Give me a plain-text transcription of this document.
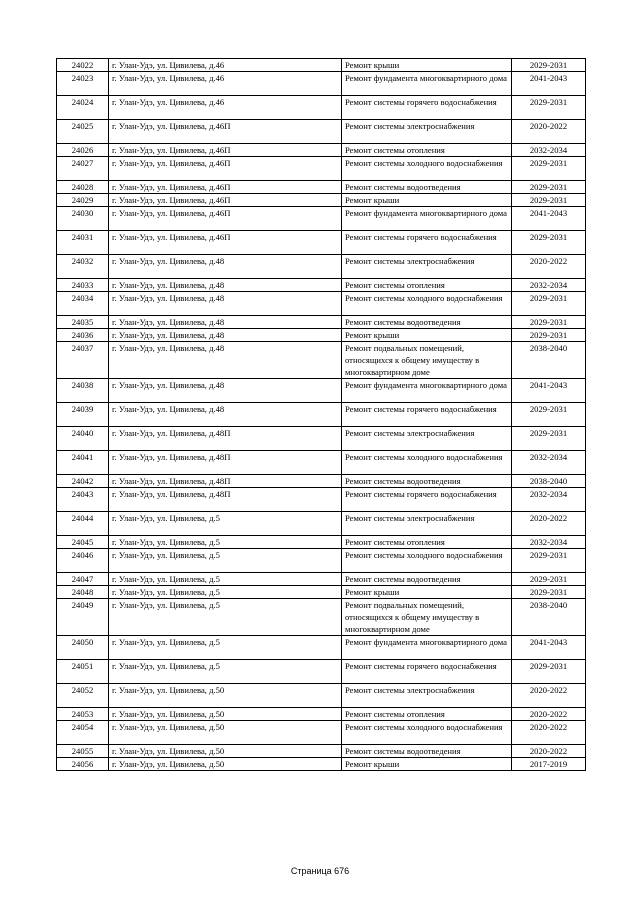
24022	г. Улан-Удэ, ул. Цивилева, д.46	Ремонт крыши	2029-2031
24023	г. Улан-Удэ, ул. Цивилева, д.46	Ремонт фундамента многоквартирного дома	2041-2043
24024	г. Улан-Удэ, ул. Цивилева, д.46	Ремонт системы горячего водоснабжения	2029-2031
24025	г. Улан-Удэ, ул. Цивилева, д.46П	Ремонт системы электроснабжения	2020-2022
24026	г. Улан-Удэ, ул. Цивилева, д.46П	Ремонт системы отопления	2032-2034
24027	г. Улан-Удэ, ул. Цивилева, д.46П	Ремонт системы холодного водоснабжения	2029-2031
24028	г. Улан-Удэ, ул. Цивилева, д.46П	Ремонт системы водоотведения	2029-2031
24029	г. Улан-Удэ, ул. Цивилева, д.46П	Ремонт крыши	2029-2031
24030	г. Улан-Удэ, ул. Цивилева, д.46П	Ремонт фундамента многоквартирного дома	2041-2043
24031	г. Улан-Удэ, ул. Цивилева, д.46П	Ремонт системы горячего водоснабжения	2029-2031
24032	г. Улан-Удэ, ул. Цивилева, д.48	Ремонт системы электроснабжения	2020-2022
24033	г. Улан-Удэ, ул. Цивилева, д.48	Ремонт системы отопления	2032-2034
24034	г. Улан-Удэ, ул. Цивилева, д.48	Ремонт системы холодного водоснабжения	2029-2031
24035	г. Улан-Удэ, ул. Цивилева, д.48	Ремонт системы водоотведения	2029-2031
24036	г. Улан-Удэ, ул. Цивилева, д.48	Ремонт крыши	2029-2031
24037	г. Улан-Удэ, ул. Цивилева, д.48	Ремонт подвальных помещений, относящихся к общему имуществу в многоквартирном доме	2038-2040
24038	г. Улан-Удэ, ул. Цивилева, д.48	Ремонт фундамента многоквартирного дома	2041-2043
24039	г. Улан-Удэ, ул. Цивилева, д.48	Ремонт системы горячего водоснабжения	2029-2031
24040	г. Улан-Удэ, ул. Цивилева, д.48П	Ремонт системы электроснабжения	2029-2031
24041	г. Улан-Удэ, ул. Цивилева, д.48П	Ремонт системы холодного водоснабжения	2032-2034
24042	г. Улан-Удэ, ул. Цивилева, д.48П	Ремонт системы водоотведения	2038-2040
24043	г. Улан-Удэ, ул. Цивилева, д.48П	Ремонт системы горячего водоснабжения	2032-2034
24044	г. Улан-Удэ, ул. Цивилева, д.5	Ремонт системы электроснабжения	2020-2022
24045	г. Улан-Удэ, ул. Цивилева, д.5	Ремонт системы отопления	2032-2034
24046	г. Улан-Удэ, ул. Цивилева, д.5	Ремонт системы холодного водоснабжения	2029-2031
24047	г. Улан-Удэ, ул. Цивилева, д.5	Ремонт системы водоотведения	2029-2031
24048	г. Улан-Удэ, ул. Цивилева, д.5	Ремонт крыши	2029-2031
24049	г. Улан-Удэ, ул. Цивилева, д.5	Ремонт подвальных помещений, относящихся к общему имуществу в многоквартирном доме	2038-2040
24050	г. Улан-Удэ, ул. Цивилева, д.5	Ремонт фундамента многоквартирного дома	2041-2043
24051	г. Улан-Удэ, ул. Цивилева, д.5	Ремонт системы горячего водоснабжения	2029-2031
24052	г. Улан-Удэ, ул. Цивилева, д.50	Ремонт системы электроснабжения	2020-2022
24053	г. Улан-Удэ, ул. Цивилева, д.50	Ремонт системы отопления	2020-2022
24054	г. Улан-Удэ, ул. Цивилева, д.50	Ремонт системы холодного водоснабжения	2020-2022
24055	г. Улан-Удэ, ул. Цивилева, д.50	Ремонт системы водоотведения	2020-2022
24056	г. Улан-Удэ, ул. Цивилева, д.50	Ремонт крыши	2017-2019
Страница 676
